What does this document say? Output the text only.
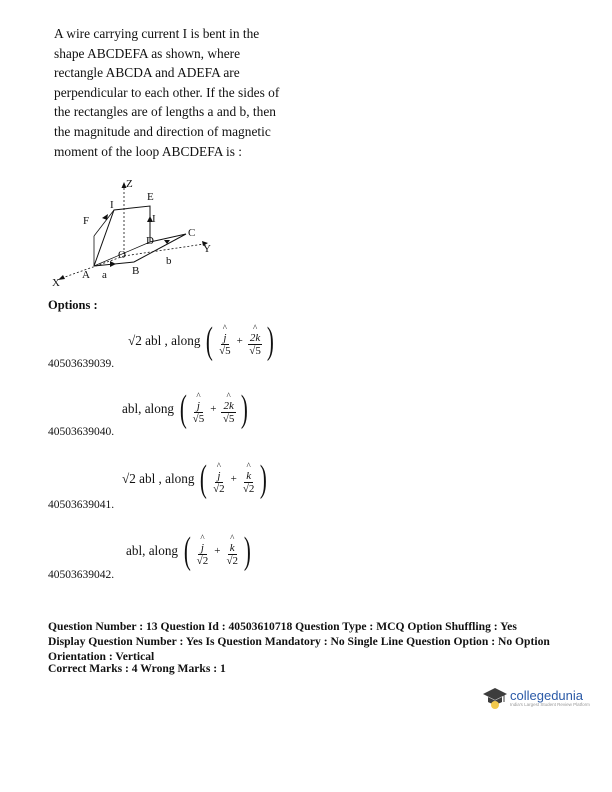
A wire carrying current I is bent in the

shape ABCDEFA as shown, where

rectangle ABCDA and ADEFA are

perpendicular to each other. If the sides of

the rectangles are of lengths a and b, then

the magnitude and direction of magnetic

moment of the loop ABCDEFA is :

Z
E
I
I
F
C
D
Y
O	b
X
A a B
Options :
√2 abl , along ( ^
j
√5 + ^
2k
√5 )
40503639039.
abl, along ( ^
j
√5 + ^
2k
√5 )
40503639040.
√2 abl , along ( ^
j
√2 + ^
k
√2 )
40503639041.
abl, along ( ^
j
√2 + ^
k
√2 )
40503639042.

Question Number : 13 Question Id : 40503610718 Question Type : MCQ Option Shuffling : Yes

Display Question Number : Yes Is Question Mandatory : No Single Line Question Option : No Option

Orientation : Vertical

Correct Marks : 4 Wrong Marks : 1
collegedunia
India's Largest Student Review Platform
